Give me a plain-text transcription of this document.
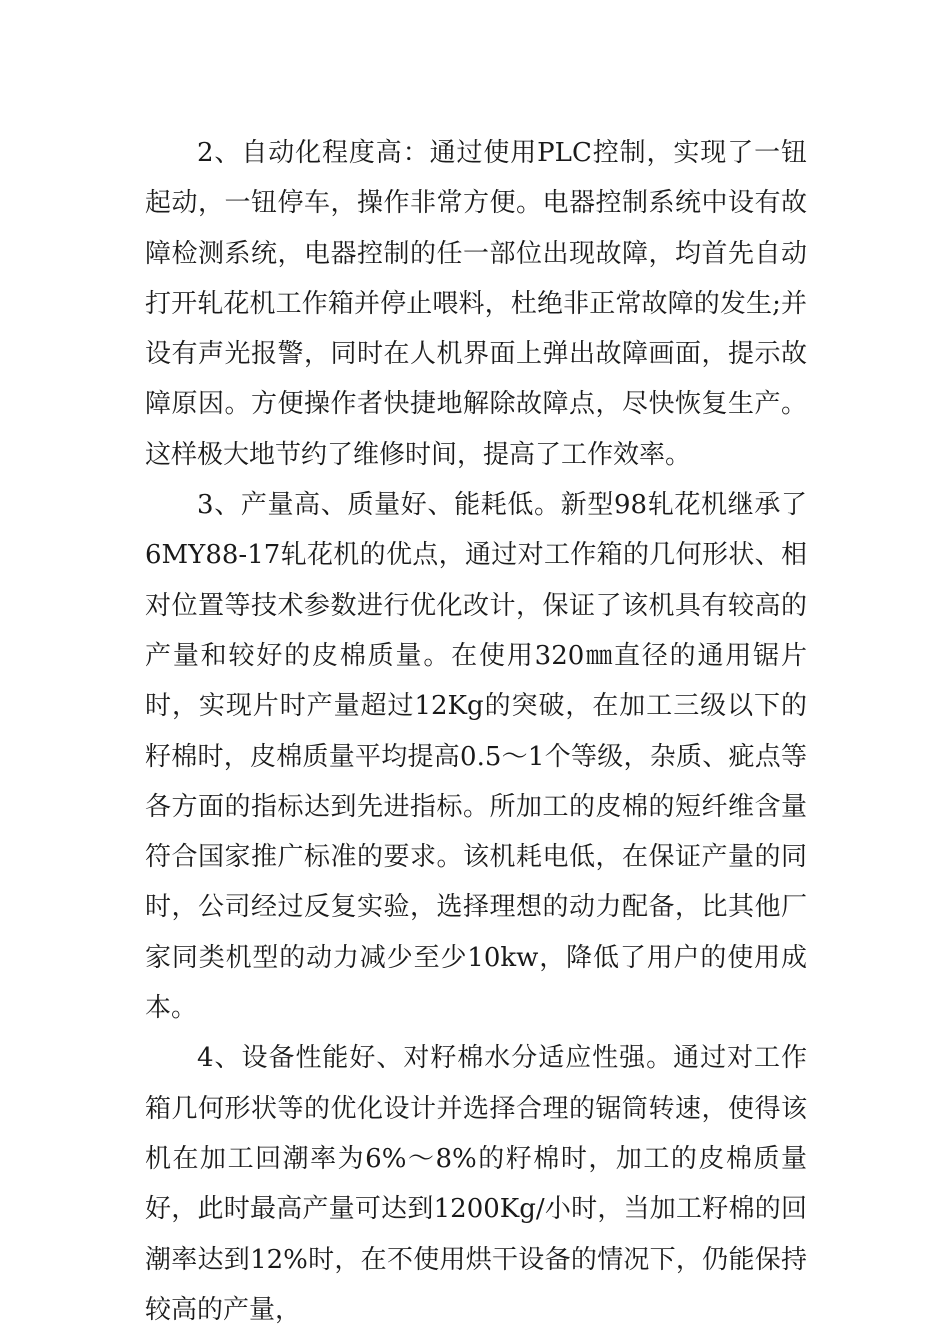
2、自动化程度高：通过使用PLC控制，实现了一钮起动，一钮停车，操作非常方便。电器控制系统中设有故障检测系统，电器控制的任一部位出现故障，均首先自动打开轧花机工作箱并停止喂料，杜绝非正常故障的发生;并设有声光报警，同时在人机界面上弹出故障画面，提示故障原因。方便操作者快捷地解除故障点，尽快恢复生产。这样极大地节约了维修时间，提高了工作效率。

3、产量高、质量好、能耗低。新型98轧花机继承了6MY88-17轧花机的优点，通过对工作箱的几何形状、相对位置等技术参数进行优化改计，保证了该机具有较高的产量和较好的皮棉质量。在使用320㎜直径的通用锯片时，实现片时产量超过12Kg的突破，在加工三级以下的籽棉时，皮棉质量平均提高0.5～1个等级，杂质、疵点等各方面的指标达到先进指标。所加工的皮棉的短纤维含量符合国家推广标准的要求。该机耗电低，在保证产量的同时，公司经过反复实验，选择理想的动力配备，比其他厂家同类机型的动力减少至少10kw，降低了用户的使用成本。

4、设备性能好、对籽棉水分适应性强。通过对工作箱几何形状等的优化设计并选择合理的锯筒转速，使得该机在加工回潮率为6%～8%的籽棉时，加工的皮棉质量好，此时最高产量可达到1200Kg/小时，当加工籽棉的回潮率达到12%时，在不使用烘干设备的情况下，仍能保持较高的产量，
